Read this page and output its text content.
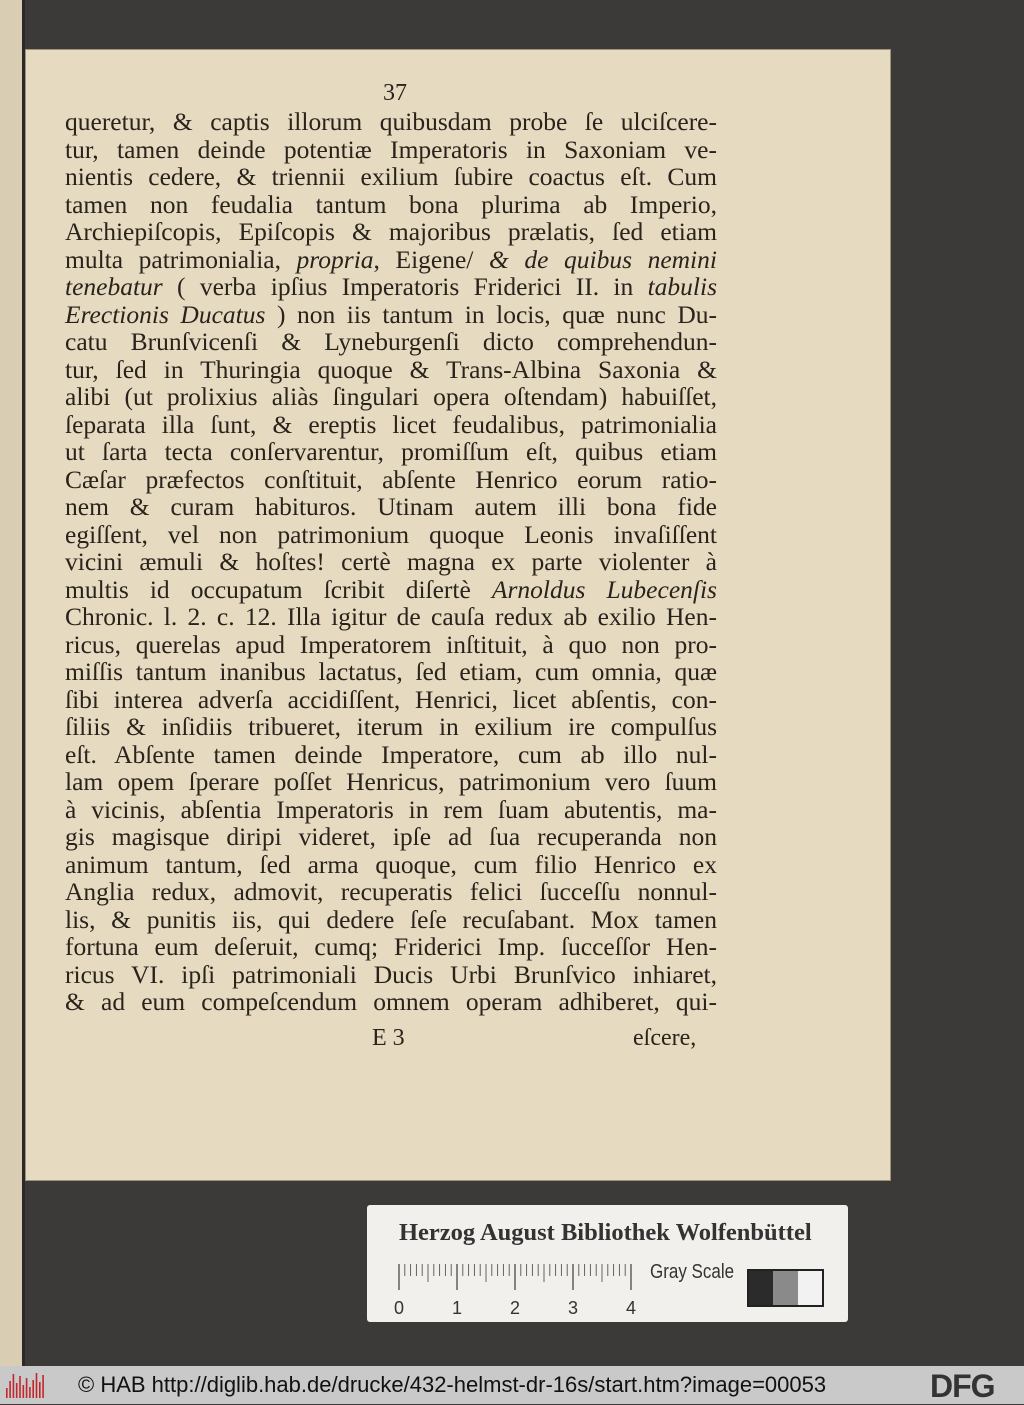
37
queretur, & captis illorum quibusdam probe ſe ulciſcere-
tur, tamen deinde potentiæ Imperatoris in Saxoniam ve-
nientis cedere, & triennii exilium ſubire coactus eſt. Cum
tamen non feudalia tantum bona plurima ab Imperio,
Archiepiſcopis, Epiſcopis & majoribus prælatis, ſed etiam
multa patrimonialia, propria, Eigene/ & de quibus nemini
tenebatur ( verba ipſius Imperatoris Friderici II. in tabulis
Erectionis Ducatus ) non iis tantum in locis, quæ nunc Du-
catu Brunſvicenſi & Lyneburgenſi dicto comprehendun-
tur, ſed in Thuringia quoque & Trans-Albina Saxonia &
alibi (ut prolixius aliàs ſingulari opera oſtendam) habuiſſet,
ſeparata illa ſunt, & ereptis licet feudalibus, patrimonialia
ut ſarta tecta conſervarentur, promiſſum eſt, quibus etiam
Cæſar præfectos conſtituit, abſente Henrico eorum ratio-
nem & curam habituros. Utinam autem illi bona fide
egiſſent, vel non patrimonium quoque Leonis invaſiſſent
vicini æmuli & hoſtes! certè magna ex parte violenter à
multis id occupatum ſcribit diſertè Arnoldus Lubecenſis
Chronic. l. 2. c. 12. Illa igitur de cauſa redux ab exilio Hen-
ricus, querelas apud Imperatorem inſtituit, à quo non pro-
miſſis tantum inanibus lactatus, ſed etiam, cum omnia, quæ
ſibi interea adverſa accidiſſent, Henrici, licet abſentis, con-
ſiliis & inſidiis tribueret, iterum in exilium ire compulſus
eſt. Abſente tamen deinde Imperatore, cum ab illo nul-
lam opem ſperare poſſet Henricus, patrimonium vero ſuum
à vicinis, abſentia Imperatoris in rem ſuam abutentis, ma-
gis magisque diripi videret, ipſe ad ſua recuperanda non
animum tantum, ſed arma quoque, cum filio Henrico ex
Anglia redux, admovit, recuperatis felici ſucceſſu nonnul-
lis, & punitis iis, qui dedere ſeſe recuſabant. Mox tamen
fortuna eum deſeruit, cumq; Friderici Imp. ſucceſſor Hen-
ricus VI. ipſi patrimoniali Ducis Urbi Brunſvico inhiaret,
& ad eum compeſcendum omnem operam adhiberet, qui-
E 3	eſcere,
Herzog August Bibliothek Wolfenbüttel
0	1	2	3	4
Gray Scale
© HAB http://diglib.hab.de/drucke/432-helmst-dr-16s/start.htm?image=00053	DFG
